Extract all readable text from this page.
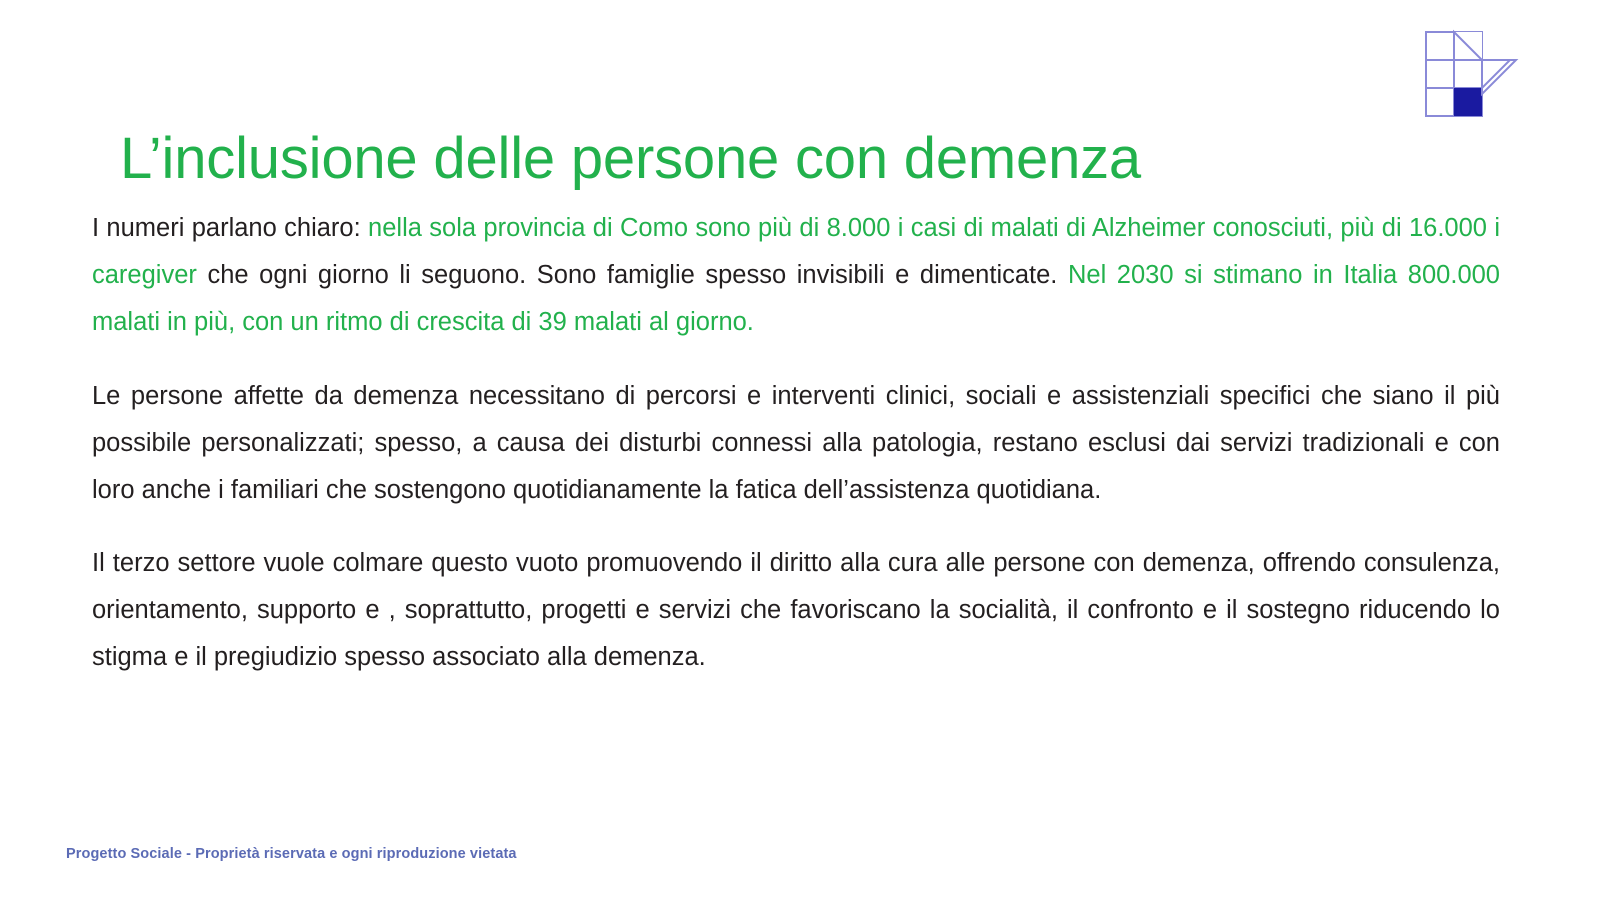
L’inclusione delle persone con demenza

I numeri parlano chiaro: nella sola provincia di Como sono più di 8.000 i casi di malati di Alzheimer conosciuti, più di 16.000 i caregiver che ogni giorno li seguono. Sono famiglie spesso invisibili e dimenticate. Nel 2030 si stimano in Italia 800.000 malati in più, con un ritmo di crescita di 39 malati al giorno.

Le persone affette da demenza necessitano di percorsi e interventi clinici, sociali e assistenziali specifici che siano il più possibile personalizzati; spesso, a causa dei disturbi connessi alla patologia, restano esclusi dai servizi tradizionali e con loro anche i familiari che sostengono quotidianamente la fatica dell’assistenza quotidiana.

Il terzo settore vuole colmare questo vuoto promuovendo il diritto alla cura alle persone con demenza, offrendo consulenza, orientamento, supporto e , soprattutto, progetti e servizi che favoriscano la socialità, il confronto e il sostegno riducendo lo stigma e il pregiudizio spesso associato alla demenza.

Progetto Sociale - Proprietà riservata e ogni riproduzione vietata
